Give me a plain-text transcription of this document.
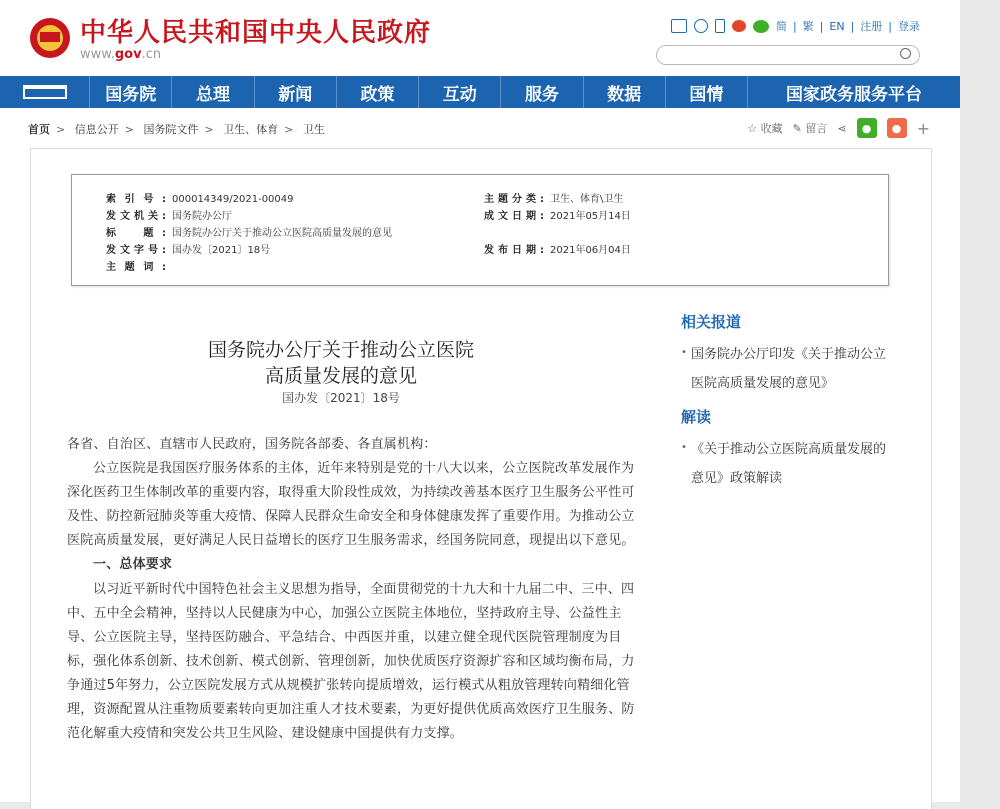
中华人民共和国中央人民政府
www.gov.cn
简 | 繁 | EN | 注册 | 登录
国务院	总理	新闻	政策	互动	服务	数据	国情	国家政务服务平台
首页 > 信息公开 > 国务院文件 > 卫生、体育 > 卫生	☆ 收藏 ✎ 留言 ⋖	●	● +
索引号: 000014349/2021-00049	主题分类: 卫生、体育\卫生
发文机关: 国务院办公厅	成文日期: 2021年05月14日
标　题: 国务院办公厅关于推动公立医院高质量发展的意见
发文字号: 国办发〔2021〕18号	发布日期: 2021年06月04日
主题词:
国务院办公厅关于推动公立医院
高质量发展的意见
国办发〔2021〕18号

各省、自治区、直辖市人民政府，国务院各部委、各直属机构：

公立医院是我国医疗服务体系的主体，近年来特别是党的十八大以来，公立医院改革发展作为深化医药卫生体制改革的重要内容，取得重大阶段性成效，为持续改善基本医疗卫生服务公平性可及性、防控新冠肺炎等重大疫情、保障人民群众生命安全和身体健康发挥了重要作用。为推动公立医院高质量发展，更好满足人民日益增长的医疗卫生服务需求，经国务院同意，现提出以下意见。

一、总体要求

以习近平新时代中国特色社会主义思想为指导，全面贯彻党的十九大和十九届二中、三中、四中、五中全会精神，坚持以人民健康为中心，加强公立医院主体地位，坚持政府主导、公益性主导、公立医院主导，坚持医防融合、平急结合、中西医并重，以建立健全现代医院管理制度为目标，强化体系创新、技术创新、模式创新、管理创新，加快优质医疗资源扩容和区域均衡布局，力争通过5年努力，公立医院发展方式从规模扩张转向提质增效，运行模式从粗放管理转向精细化管理，资源配置从注重物质要素转向更加注重人才技术要素，为更好提供优质高效医疗卫生服务、防范化解重大疫情和突发公共卫生风险、建设健康中国提供有力支撑。

相关报道
• 国务院办公厅印发《关于推动公立医院高质量发展的意见》
解读
• 《关于推动公立医院高质量发展的意见》政策解读
